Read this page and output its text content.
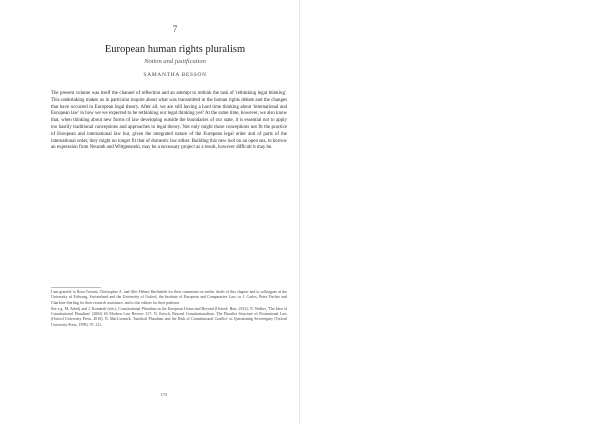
7
European human rights pluralism
Notion and justification
SAMANTHA BESSON

The present volume was itself the channel of reflection and an attempt to rethink the task of 'rethinking legal thinking'. This undertaking makes us in particular inquire about what was transmitted in the human rights debate and the changes that have occurred in European legal theory. After all, we are still having a hard time thinking about 'international and European law' in how we we expected to be rethinking our legal thinking yet? At the same time, however, we also know that, when thinking about new forms of law developing outside the boundaries of our state, it is essential not to apply too hastily traditional conceptions and approaches to legal theory. Not only might those conceptions not fit the practice of European and international law but, given the integrated nature of the European legal order and of parts of the international order, they might no longer fit that of domestic law either. Building this new tool on an open sea, to borrow an expression from Neurath and Wittgenstein, may be a necessary project as a result, however difficult it may be.

I am grateful to Rosa Torsten, Christopher A. and Alec Hebert Harthaleth for their comments on earlier drafts of this chapter and to colleagues at the University of Fribourg, Switzerland and the University of Oxford, the Institute of European and Comparative Law; to J. Carlos, Peter Fischer and Charlotte Sterling for their research assistance, and to the editors for their patience.

See e.g. M. Avbelj and J. Komárek (eds.), Constitutional Pluralism in the European Union and Beyond (Oxford: Hart, 2012); N. Walker, 'The Idea of Constitutional Pluralism' (2002) 65 Modern Law Review 317; N. Krisch, Beyond Constitutionalism: The Pluralist Structure of Postnational Law (Oxford University Press, 2010); N. MacCormick, 'Juridical Pluralism and the Risk of Constitutional Conflict' in Questioning Sovereignty (Oxford University Press, 1999), 97–121.

170
